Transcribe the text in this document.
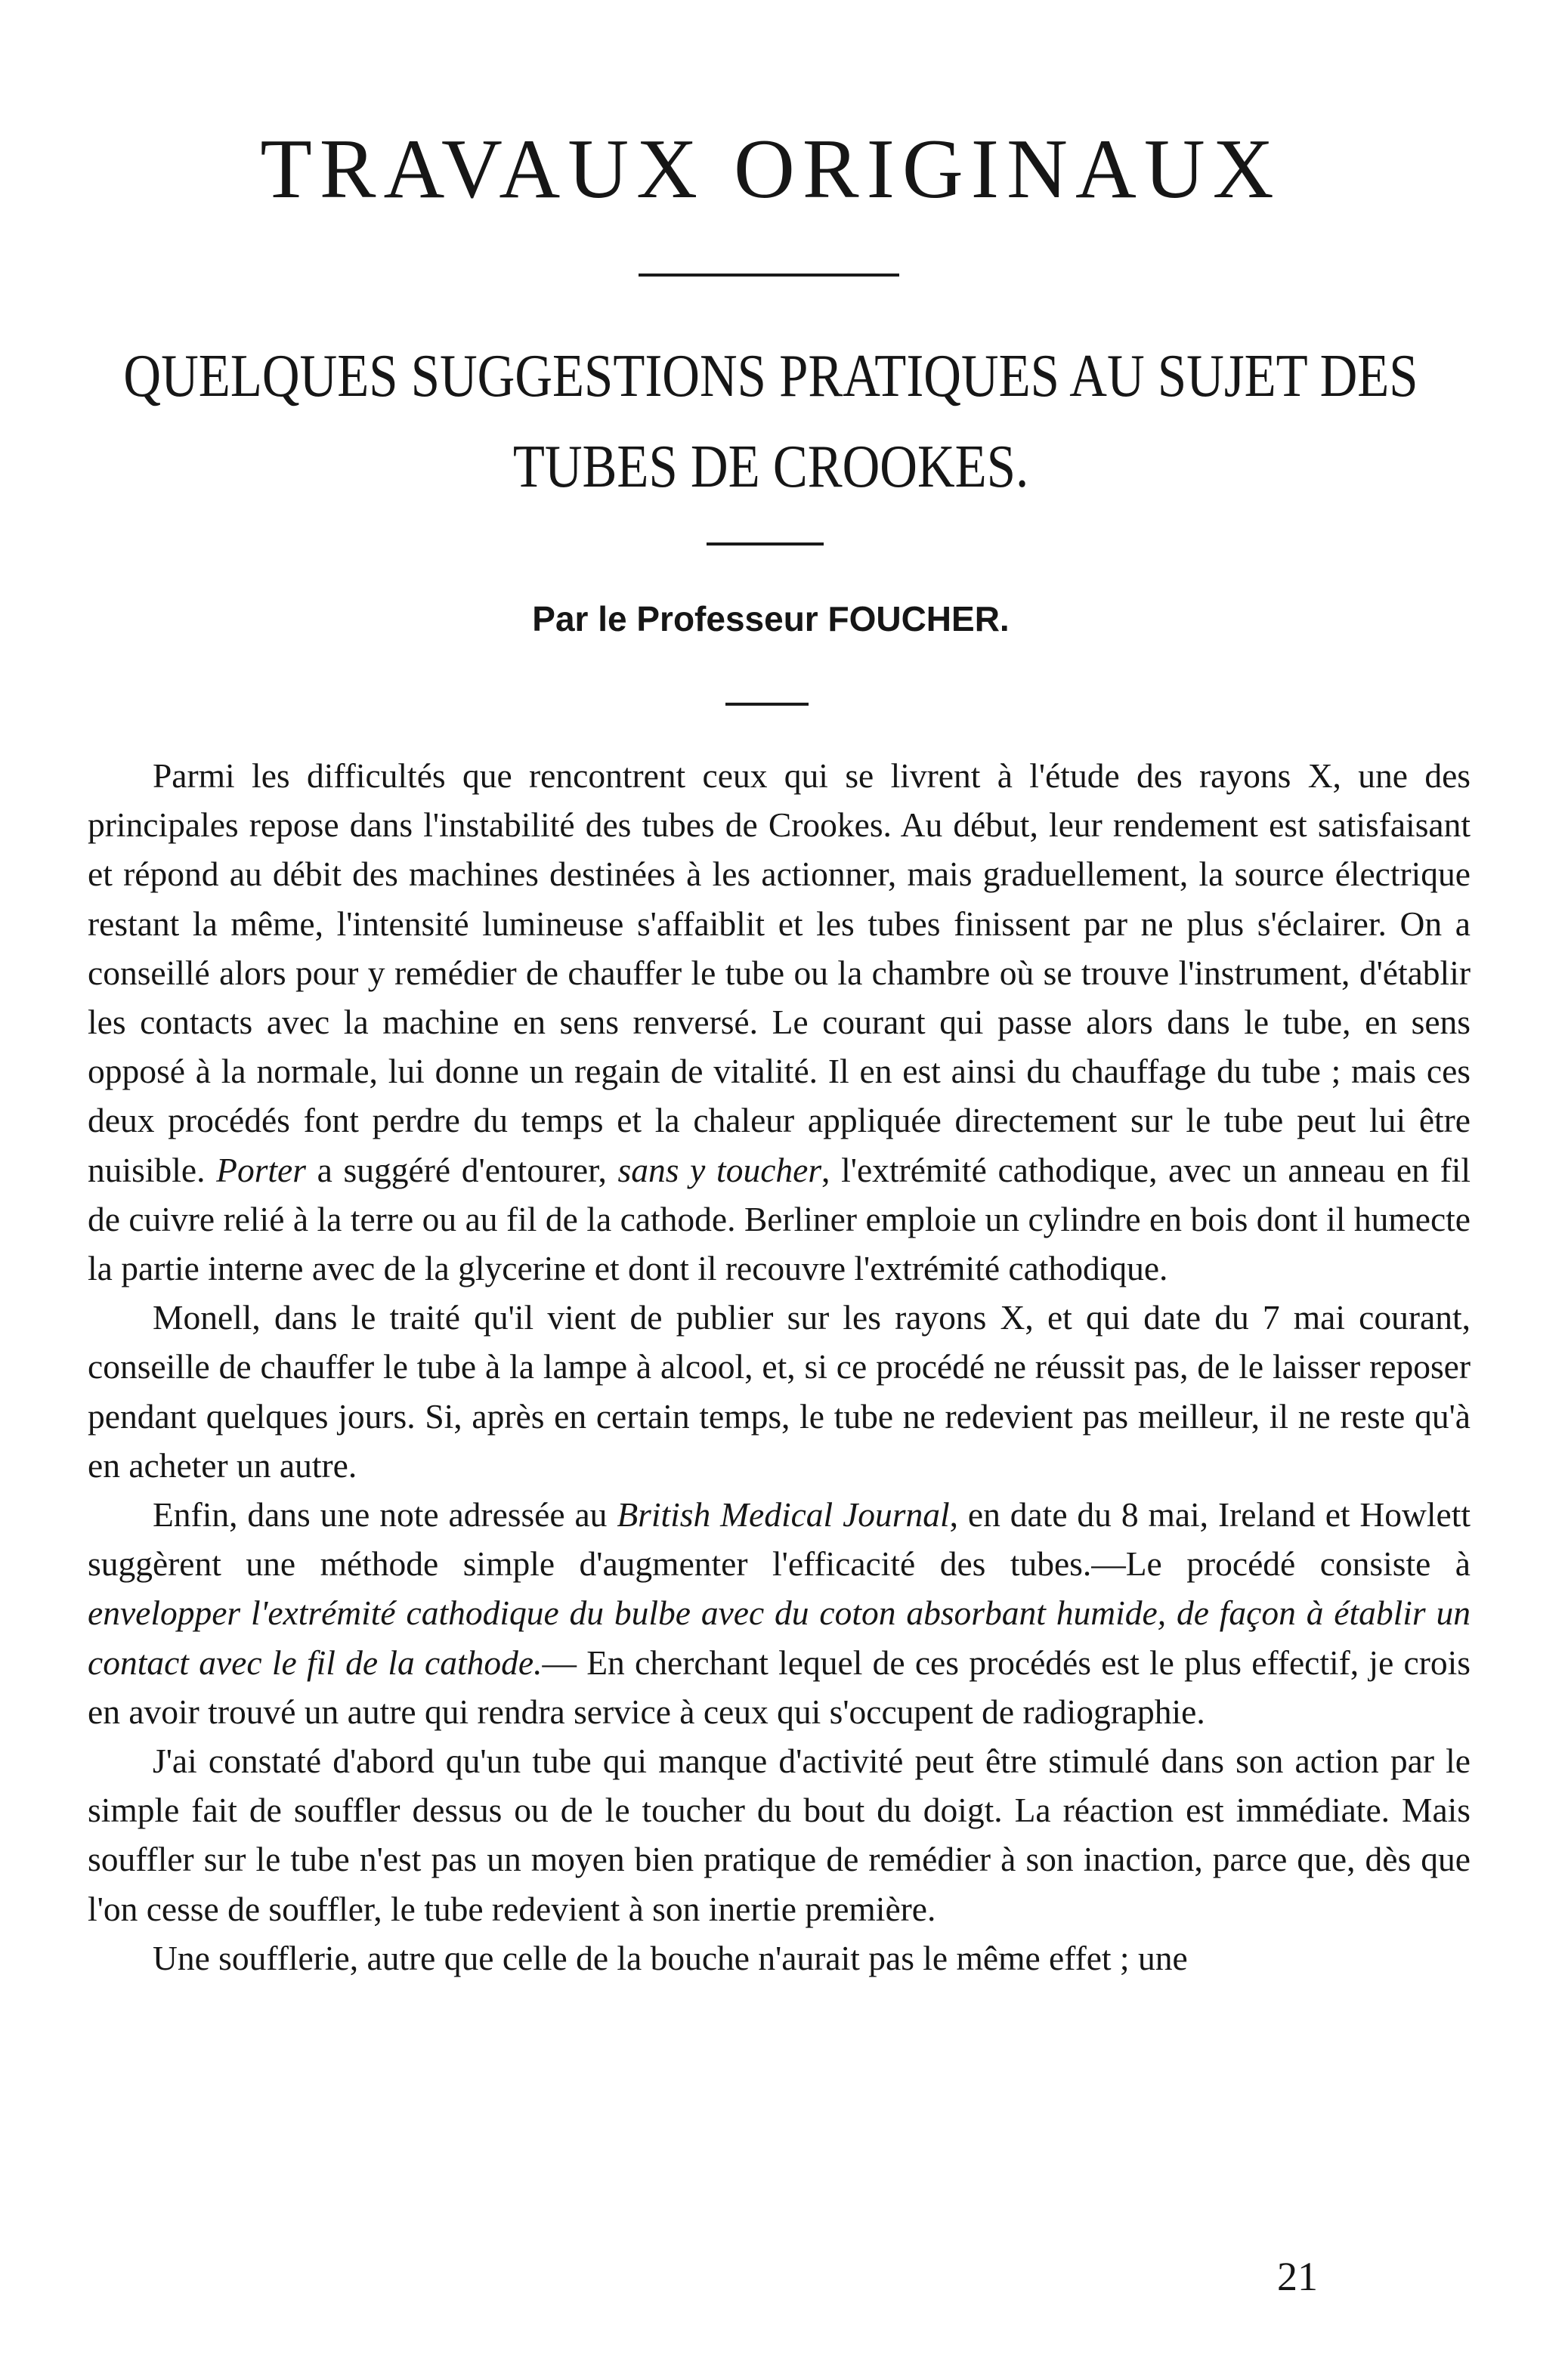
TRAVAUX ORIGINAUX
QUELQUES SUGGESTIONS PRATIQUES AU SUJET DES
TUBES DE CROOKES.

Par le Professeur FOUCHER.

Parmi les difficultés que rencontrent ceux qui se livrent à l'étude des rayons X, une des principales repose dans l'instabilité des tubes de Crookes. Au début, leur rendement est satisfaisant et répond au débit des machines destinées à les actionner, mais graduellement, la source électrique restant la même, l'intensité lumineuse s'affaiblit et les tubes finissent par ne plus s'éclairer. On a conseillé alors pour y remédier de chauffer le tube ou la chambre où se trouve l'instrument, d'établir les contacts avec la machine en sens renversé. Le courant qui passe alors dans le tube, en sens opposé à la normale, lui donne un regain de vitalité. Il en est ainsi du chauffage du tube ; mais ces deux procédés font perdre du temps et la chaleur appliquée directement sur le tube peut lui être nuisible. Porter a suggéré d'entourer, sans y toucher, l'extrémité cathodique, avec un anneau en fil de cuivre relié à la terre ou au fil de la cathode. Berliner emploie un cylindre en bois dont il humecte la partie interne avec de la glycerine et dont il recouvre l'extrémité cathodique.

Monell, dans le traité qu'il vient de publier sur les rayons X, et qui date du 7 mai courant, conseille de chauffer le tube à la lampe à alcool, et, si ce procédé ne réussit pas, de le laisser reposer pendant quelques jours. Si, après en certain temps, le tube ne redevient pas meilleur, il ne reste qu'à en acheter un autre.

Enfin, dans une note adressée au British Medical Journal, en date du 8 mai, Ireland et Howlett suggèrent une méthode simple d'augmenter l'efficacité des tubes.—Le procédé consiste à envelopper l'extrémité cathodique du bulbe avec du coton absorbant humide, de façon à établir un contact avec le fil de la cathode.— En cherchant lequel de ces procédés est le plus effectif, je crois en avoir trouvé un autre qui rendra service à ceux qui s'occupent de radiographie.

J'ai constaté d'abord qu'un tube qui manque d'activité peut être stimulé dans son action par le simple fait de souffler dessus ou de le toucher du bout du doigt. La réaction est immédiate. Mais souffler sur le tube n'est pas un moyen bien pratique de remédier à son inaction, parce que, dès que l'on cesse de souffler, le tube redevient à son inertie première.

Une soufflerie, autre que celle de la bouche n'aurait pas le même effet ; une

21
